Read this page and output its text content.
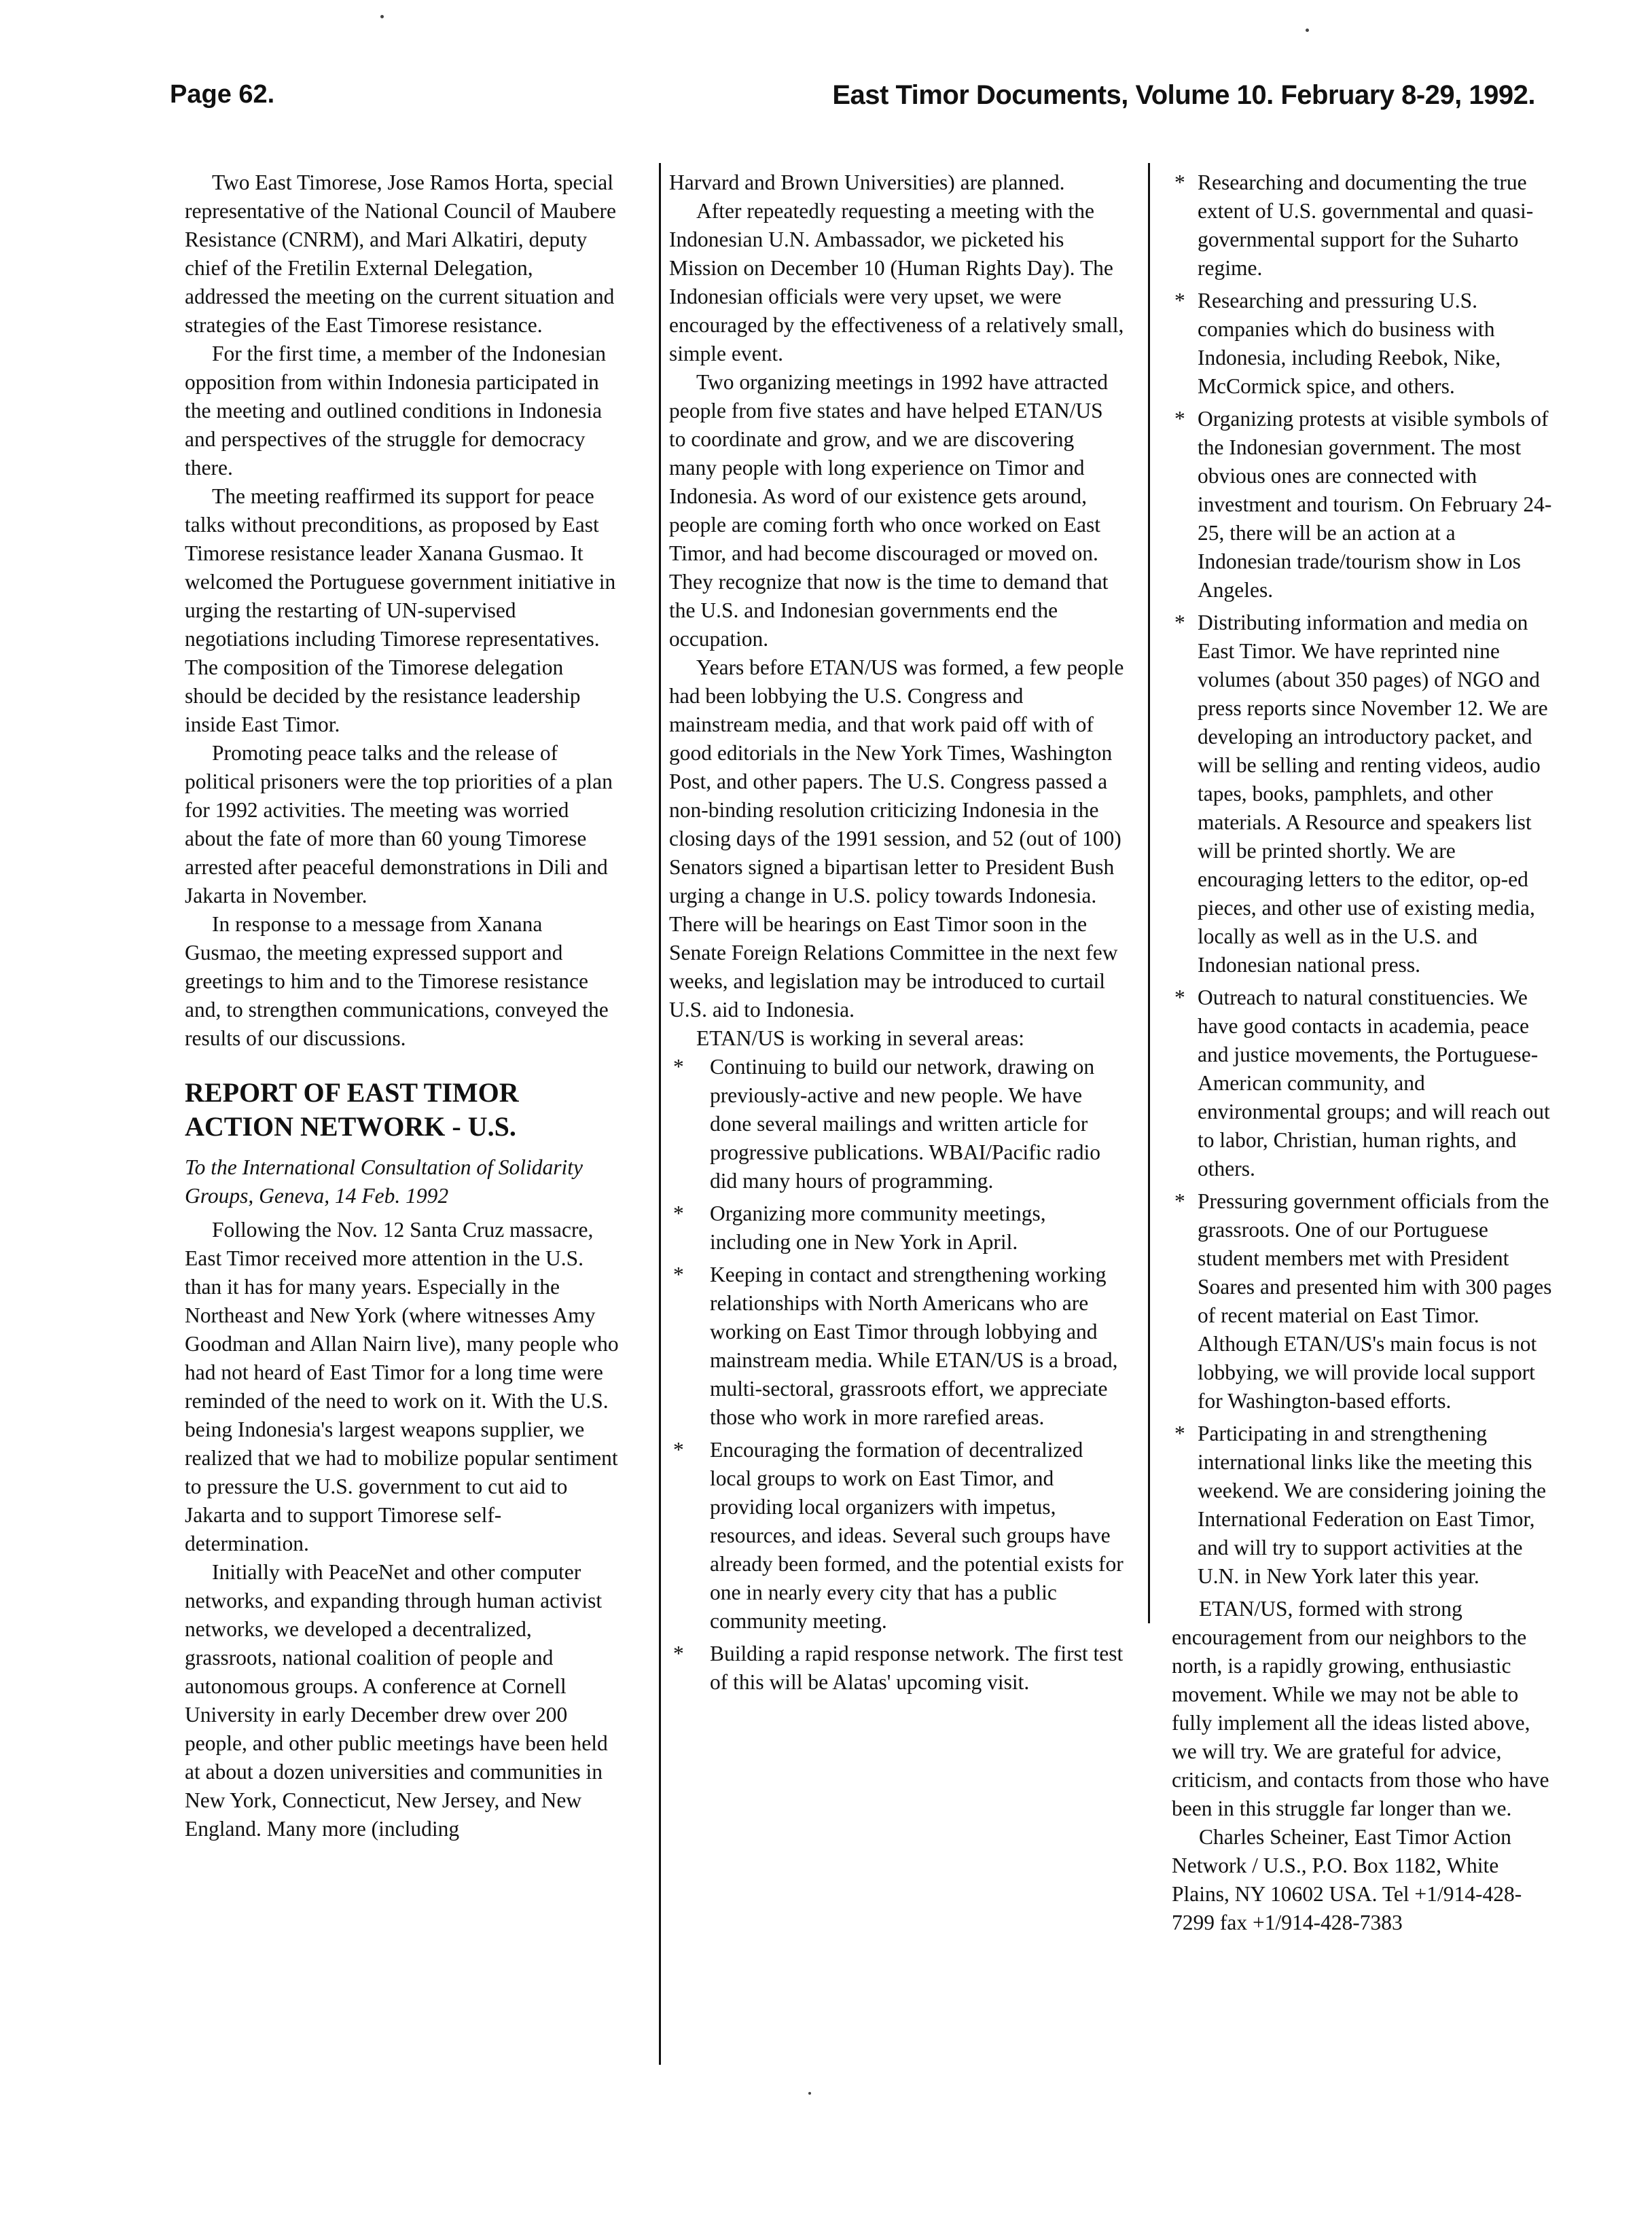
Page 62.	East Timor Documents, Volume 10. February 8-29, 1992.

Two East Timorese, Jose Ramos Horta, special representative of the National Council of Maubere Resistance (CNRM), and Mari Alkatiri, deputy chief of the Fretilin External Delegation, addressed the meeting on the current situation and strategies of the East Timorese resistance.

For the first time, a member of the Indonesian opposition from within Indonesia participated in the meeting and outlined conditions in Indonesia and perspectives of the struggle for democracy there.

The meeting reaffirmed its support for peace talks without preconditions, as proposed by East Timorese resistance leader Xanana Gusmao. It welcomed the Portuguese government initiative in urging the restarting of UN-supervised negotiations including Timorese representatives. The composition of the Timorese delegation should be decided by the resistance leadership inside East Timor.

Promoting peace talks and the release of political prisoners were the top priorities of a plan for 1992 activities. The meeting was worried about the fate of more than 60 young Timorese arrested after peaceful demonstrations in Dili and Jakarta in November.

In response to a message from Xanana Gusmao, the meeting expressed support and greetings to him and to the Timorese resistance and, to strengthen communications, conveyed the results of our discussions.

REPORT OF EAST TIMOR ACTION NETWORK - U.S.

To the International Consultation of Solidarity Groups, Geneva, 14 Feb. 1992

Following the Nov. 12 Santa Cruz massacre, East Timor received more attention in the U.S. than it has for many years. Especially in the Northeast and New York (where witnesses Amy Goodman and Allan Nairn live), many people who had not heard of East Timor for a long time were reminded of the need to work on it. With the U.S. being Indonesia's largest weapons supplier, we realized that we had to mobilize popular sentiment to pressure the U.S. government to cut aid to Jakarta and to support Timorese self-determination.

Initially with PeaceNet and other computer networks, and expanding through human activist networks, we developed a decentralized, grassroots, national coalition of people and autonomous groups. A conference at Cornell University in early December drew over 200 people, and other public meetings have been held at about a dozen universities and communities in New York, Connecticut, New Jersey, and New England. Many more (including

Harvard and Brown Universities) are planned.

After repeatedly requesting a meeting with the Indonesian U.N. Ambassador, we picketed his Mission on December 10 (Human Rights Day). The Indonesian officials were very upset, we were encouraged by the effectiveness of a relatively small, simple event.

Two organizing meetings in 1992 have attracted people from five states and have helped ETAN/US to coordinate and grow, and we are discovering many people with long experience on Timor and Indonesia. As word of our existence gets around, people are coming forth who once worked on East Timor, and had become discouraged or moved on. They recognize that now is the time to demand that the U.S. and Indonesian governments end the occupation.

Years before ETAN/US was formed, a few people had been lobbying the U.S. Congress and mainstream media, and that work paid off with of good editorials in the New York Times, Washington Post, and other papers. The U.S. Congress passed a non-binding resolution criticizing Indonesia in the closing days of the 1991 session, and 52 (out of 100) Senators signed a bipartisan letter to President Bush urging a change in U.S. policy towards Indonesia. There will be hearings on East Timor soon in the Senate Foreign Relations Committee in the next few weeks, and legislation may be introduced to curtail U.S. aid to Indonesia.

ETAN/US is working in several areas:

* Continuing to build our network, drawing on previously-active and new people. We have done several mailings and written article for progressive publications. WBAI/Pacific radio did many hours of programming.
* Organizing more community meetings, including one in New York in April.
* Keeping in contact and strengthening working relationships with North Americans who are working on East Timor through lobbying and mainstream media. While ETAN/US is a broad, multi-sectoral, grassroots effort, we appreciate those who work in more rarefied areas.
* Encouraging the formation of decentralized local groups to work on East Timor, and providing local organizers with impetus, resources, and ideas. Several such groups have already been formed, and the potential exists for one in nearly every city that has a public community meeting.
* Building a rapid response network. The first test of this will be Alatas' upcoming visit.
* Researching and documenting the true extent of U.S. governmental and quasi-governmental support for the Suharto regime.
* Researching and pressuring U.S. companies which do business with Indonesia, including Reebok, Nike, McCormick spice, and others.
* Organizing protests at visible symbols of the Indonesian government. The most obvious ones are connected with investment and tourism. On February 24-25, there will be an action at a Indonesian trade/tourism show in Los Angeles.
* Distributing information and media on East Timor. We have reprinted nine volumes (about 350 pages) of NGO and press reports since November 12. We are developing an introductory packet, and will be selling and renting videos, audio tapes, books, pamphlets, and other materials. A Resource and speakers list will be printed shortly. We are encouraging letters to the editor, op-ed pieces, and other use of existing media, locally as well as in the U.S. and Indonesian national press.
* Outreach to natural constituencies. We have good contacts in academia, peace and justice movements, the Portuguese-American community, and environmental groups; and will reach out to labor, Christian, human rights, and others.
* Pressuring government officials from the grassroots. One of our Portuguese student members met with President Soares and presented him with 300 pages of recent material on East Timor. Although ETAN/US's main focus is not lobbying, we will provide local support for Washington-based efforts.
* Participating in and strengthening international links like the meeting this weekend. We are considering joining the International Federation on East Timor, and will try to support activities at the U.N. in New York later this year.

ETAN/US, formed with strong encouragement from our neighbors to the north, is a rapidly growing, enthusiastic movement. While we may not be able to fully implement all the ideas listed above, we will try. We are grateful for advice, criticism, and contacts from those who have been in this struggle far longer than we.

Charles Scheiner, East Timor Action Network / U.S., P.O. Box 1182, White Plains, NY 10602 USA. Tel +1/914-428-7299 fax +1/914-428-7383
